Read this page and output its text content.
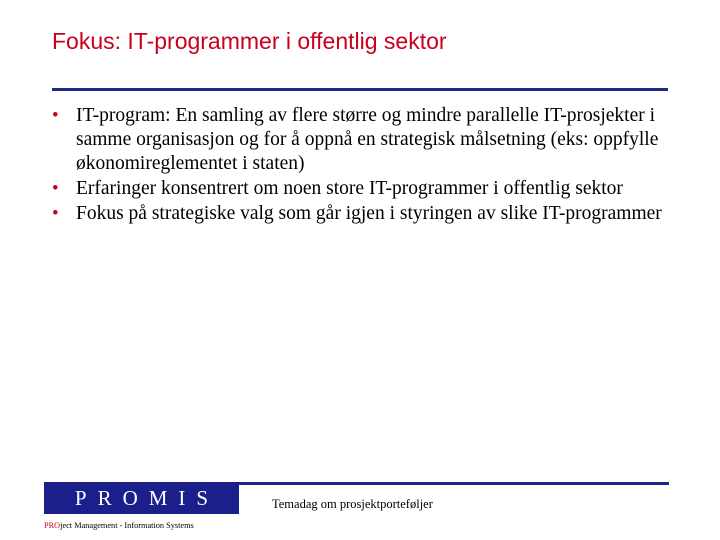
Fokus: IT-programmer i offentlig sektor
• IT-program: En samling av flere større og mindre parallelle IT-prosjekter i samme organisasjon og for å oppnå en strategisk målsetning (eks: oppfylle økonomireglementet i staten)
• Erfaringer konsentrert om noen store IT-programmer i offentlig sektor
• Fokus på strategiske valg som går igjen i styringen av slike IT-programmer
PROMIS
PROject Management - Information Systems
Temadag om prosjektporteføljer
